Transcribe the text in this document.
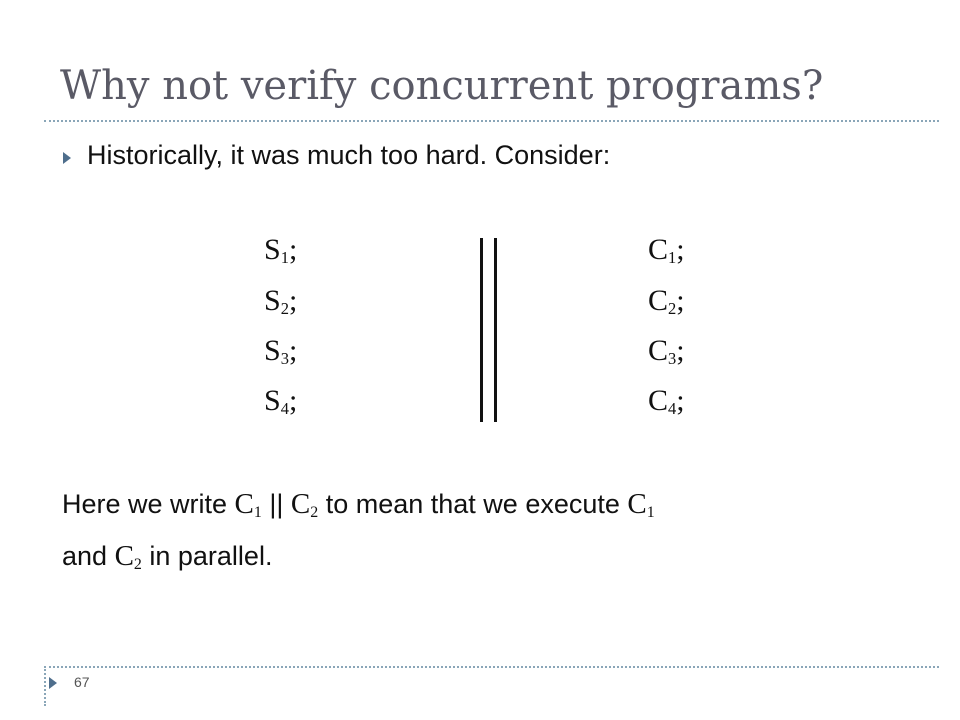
Why not verify concurrent programs?
Historically, it was much too hard. Consider:
$S_1$;
$S_2$;
$S_3$;
$S_4$;
$C_1$;
$C_2$;
$C_3$;
$C_4$;
Here we write $C_1$ || $C_2$ to mean that we execute $C_1$
and $C_2$ in parallel.
67
